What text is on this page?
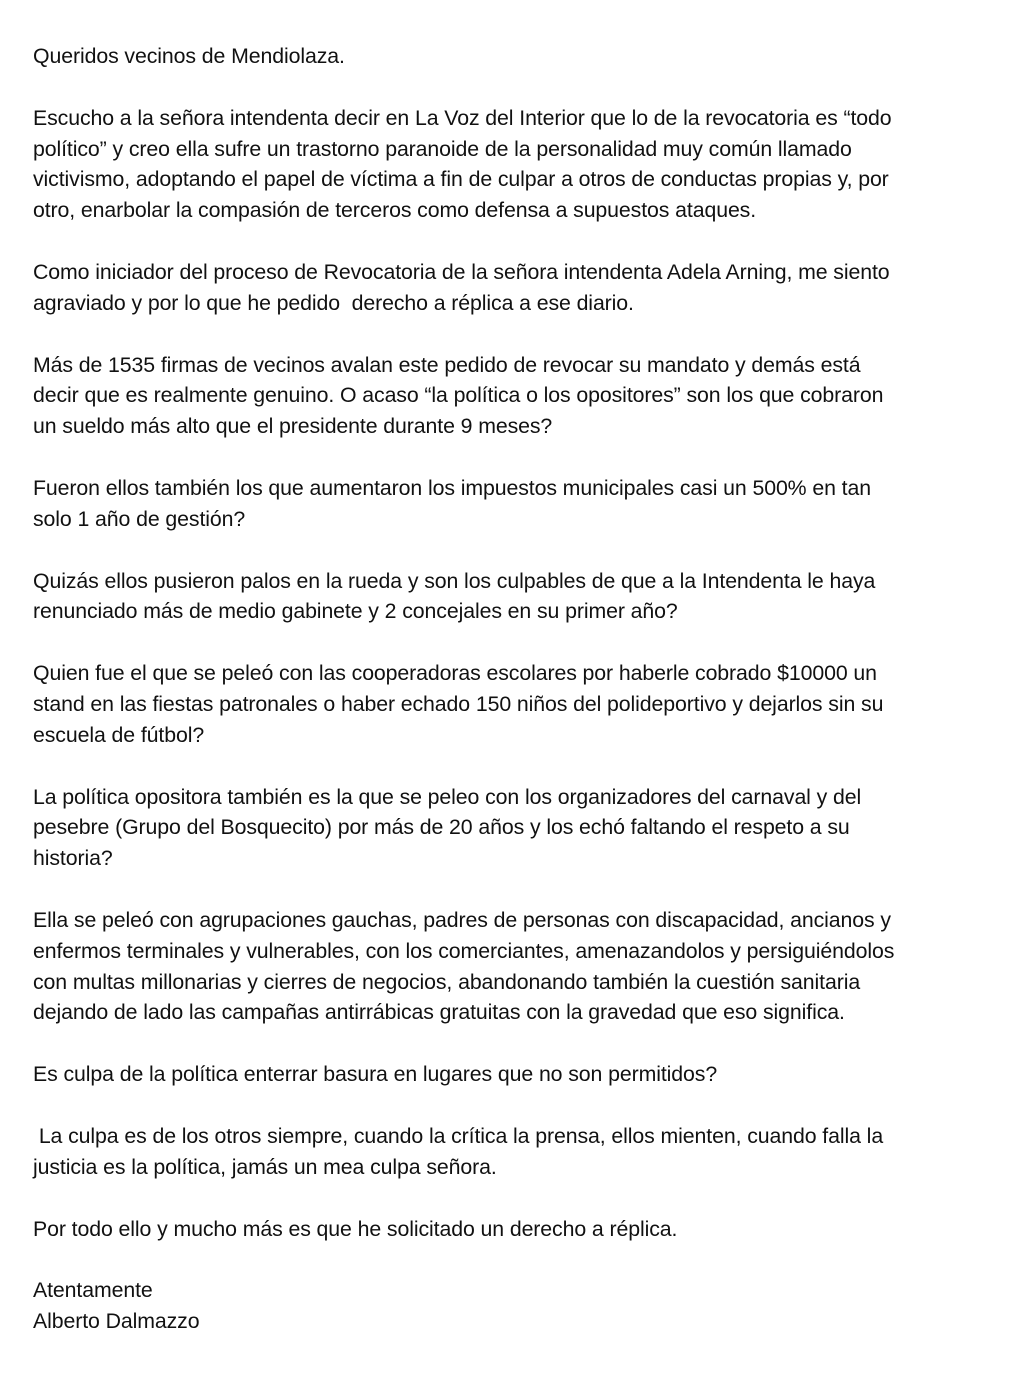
Queridos vecinos de Mendiolaza.

Escucho a la señora intendenta decir en La Voz del Interior que lo de la revocatoria es “todo
político” y creo ella sufre un trastorno paranoide de la personalidad muy común llamado
victivismo, adoptando el papel de víctima a fin de culpar a otros de conductas propias y, por
otro, enarbolar la compasión de terceros como defensa a supuestos ataques.

Como iniciador del proceso de Revocatoria de la señora intendenta Adela Arning, me siento
agraviado y por lo que he pedido  derecho a réplica a ese diario.

Más de 1535 firmas de vecinos avalan este pedido de revocar su mandato y demás está
decir que es realmente genuino. O acaso “la política o los opositores” son los que cobraron
un sueldo más alto que el presidente durante 9 meses?

Fueron ellos también los que aumentaron los impuestos municipales casi un 500% en tan
solo 1 año de gestión?

Quizás ellos pusieron palos en la rueda y son los culpables de que a la Intendenta le haya
renunciado más de medio gabinete y 2 concejales en su primer año?

Quien fue el que se peleó con las cooperadoras escolares por haberle cobrado $10000 un
stand en las fiestas patronales o haber echado 150 niños del polideportivo y dejarlos sin su
escuela de fútbol?

La política opositora también es la que se peleo con los organizadores del carnaval y del
pesebre (Grupo del Bosquecito) por más de 20 años y los echó faltando el respeto a su
historia?

Ella se peleó con agrupaciones gauchas, padres de personas con discapacidad, ancianos y
enfermos terminales y vulnerables, con los comerciantes, amenazandolos y persiguiéndolos
con multas millonarias y cierres de negocios, abandonando también la cuestión sanitaria
dejando de lado las campañas antirrábicas gratuitas con la gravedad que eso significa.

Es culpa de la política enterrar basura en lugares que no son permitidos?

La culpa es de los otros siempre, cuando la crítica la prensa, ellos mienten, cuando falla la
justicia es la política, jamás un mea culpa señora.

Por todo ello y mucho más es que he solicitado un derecho a réplica.

Atentamente
Alberto Dalmazzo
